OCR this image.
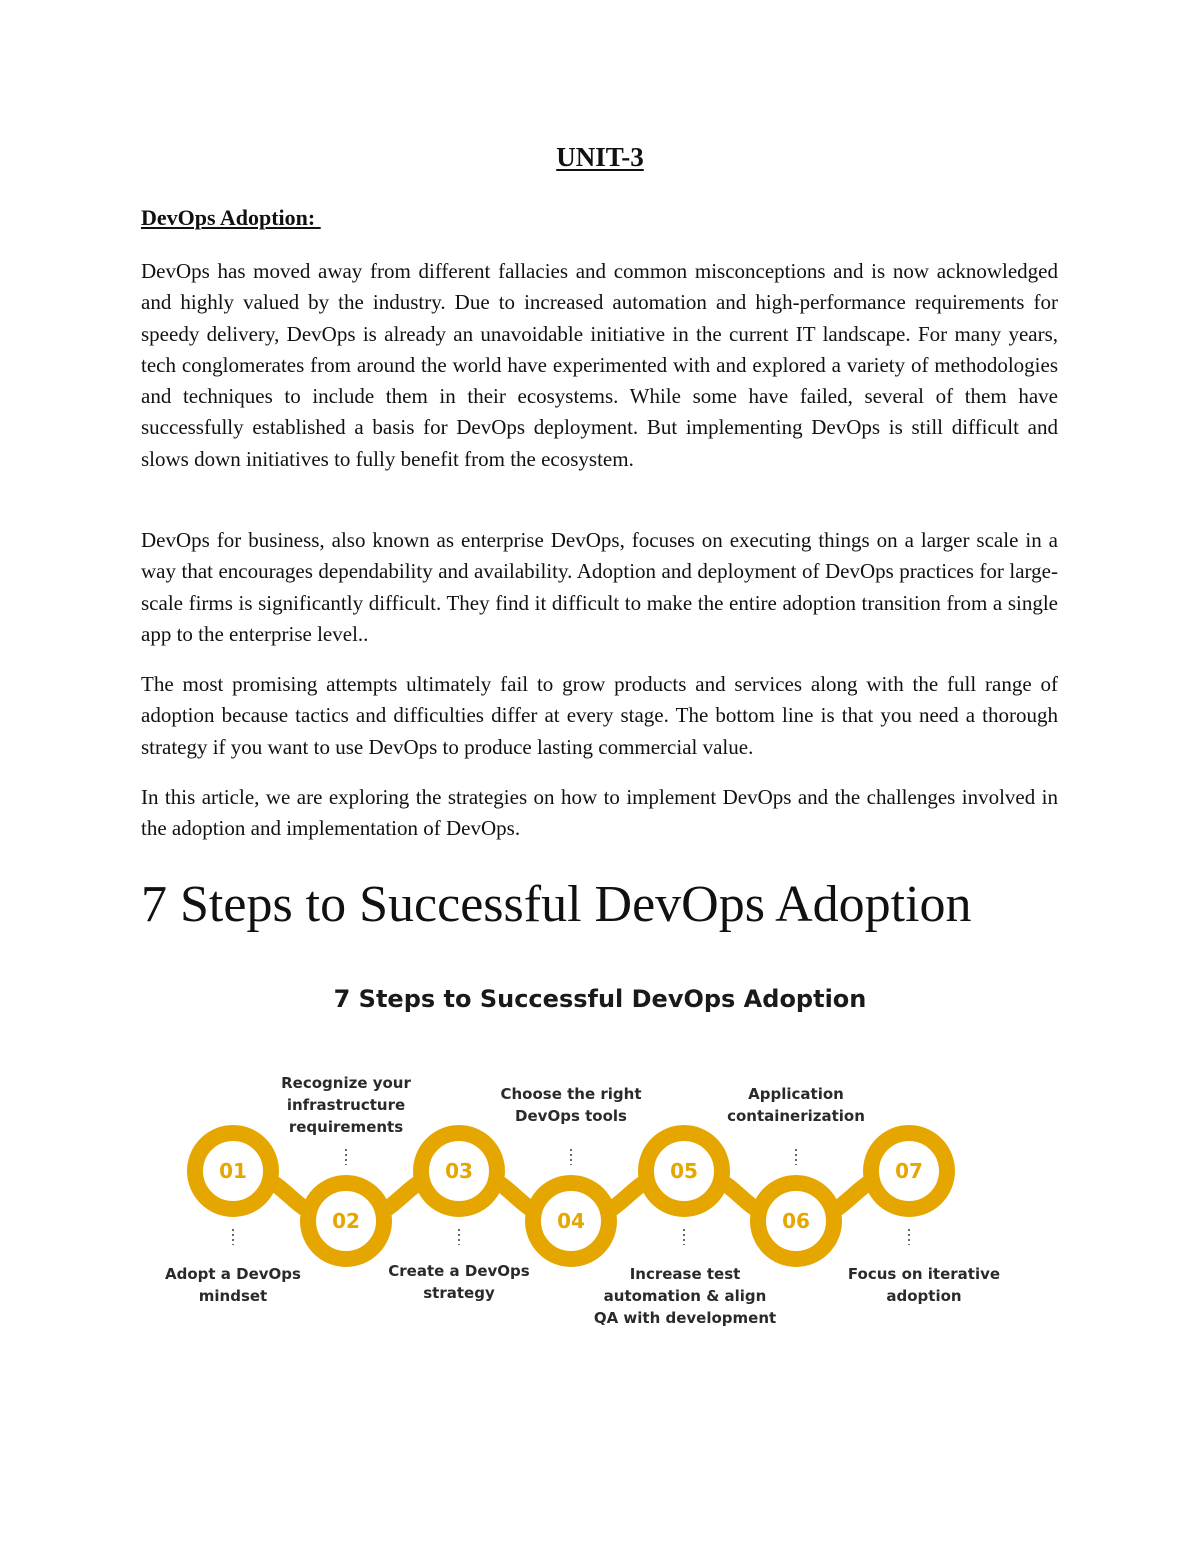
UNIT-3
DevOps Adoption:

DevOps has moved away from different fallacies and common misconceptions and is now acknowledged and highly valued by the industry. Due to increased automation and high-performance requirements for speedy delivery, DevOps is already an unavoidable initiative in the current IT landscape. For many years, tech conglomerates from around the world have experimented with and explored a variety of methodologies and techniques to include them in their ecosystems. While some have failed, several of them have successfully established a basis for DevOps deployment. But implementing DevOps is still difficult and slows down initiatives to fully benefit from the ecosystem.

DevOps for business, also known as enterprise DevOps, focuses on executing things on a larger scale in a way that encourages dependability and availability. Adoption and deployment of DevOps practices for large-scale firms is significantly difficult. They find it difficult to make the entire adoption transition from a single app to the enterprise level..

The most promising attempts ultimately fail to grow products and services along with the full range of adoption because tactics and difficulties differ at every stage. The bottom line is that you need a thorough strategy if you want to use DevOps to produce lasting commercial value.

In this article, we are exploring the strategies on how to implement DevOps and the challenges involved in the adoption and implementation of DevOps.

7 Steps to Successful DevOps Adoption
7 Steps to Successful DevOps Adoption
01
02
03
04
05
06
07
Adopt a DevOps mindset
Recognize your infrastructure requirements
Create a DevOps strategy
Choose the right DevOps tools
Increase test automation & align QA with development
Application containerization
Focus on iterative adoption
